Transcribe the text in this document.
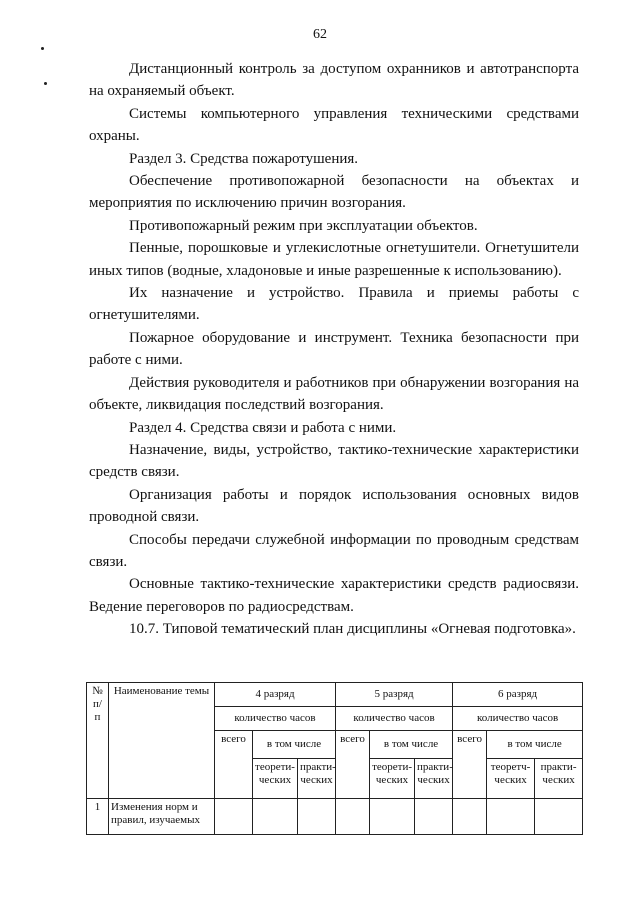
62

Дистанционный контроль за доступом охранников и автотранспорта на охраняемый объект.

Системы компьютерного управления техническими средствами охраны.

Раздел 3. Средства пожаротушения.

Обеспечение противопожарной безопасности на объектах и мероприятия по исключению причин возгорания.

Противопожарный режим при эксплуатации объектов.

Пенные, порошковые и углекислотные огнетушители. Огнетушители иных типов (водные, хладоновые и иные разрешенные к использованию).

Их назначение и устройство. Правила и приемы работы с огнетушителями.

Пожарное оборудование и инструмент. Техника безопасности при работе с ними.

Действия руководителя и работников при обнаружении возгорания на объекте, ликвидация последствий возгорания.

Раздел 4. Средства связи и работа с ними.

Назначение, виды, устройство, тактико-технические характеристики средств связи.

Организация работы и порядок использования основных видов проводной связи.

Способы передачи служебной информации по проводным средствам связи.

Основные тактико-технические характеристики средств радиосвязи. Ведение переговоров по радиосредствам.

10.7. Типовой тематический план дисциплины «Огневая подготовка».

№ п/ п	Наименование темы	4 разряд			5 разряд			6 разряд		
		количество часов			количество часов			количество часов		
		всего	в том числе		всего	в том числе		всего	в том числе	
			теорети-ческих	практи-ческих		теорети-ческих	практи-ческих		теоретч-ческих	практи-ческих
1	Изменения норм и правил, изучаемых									
